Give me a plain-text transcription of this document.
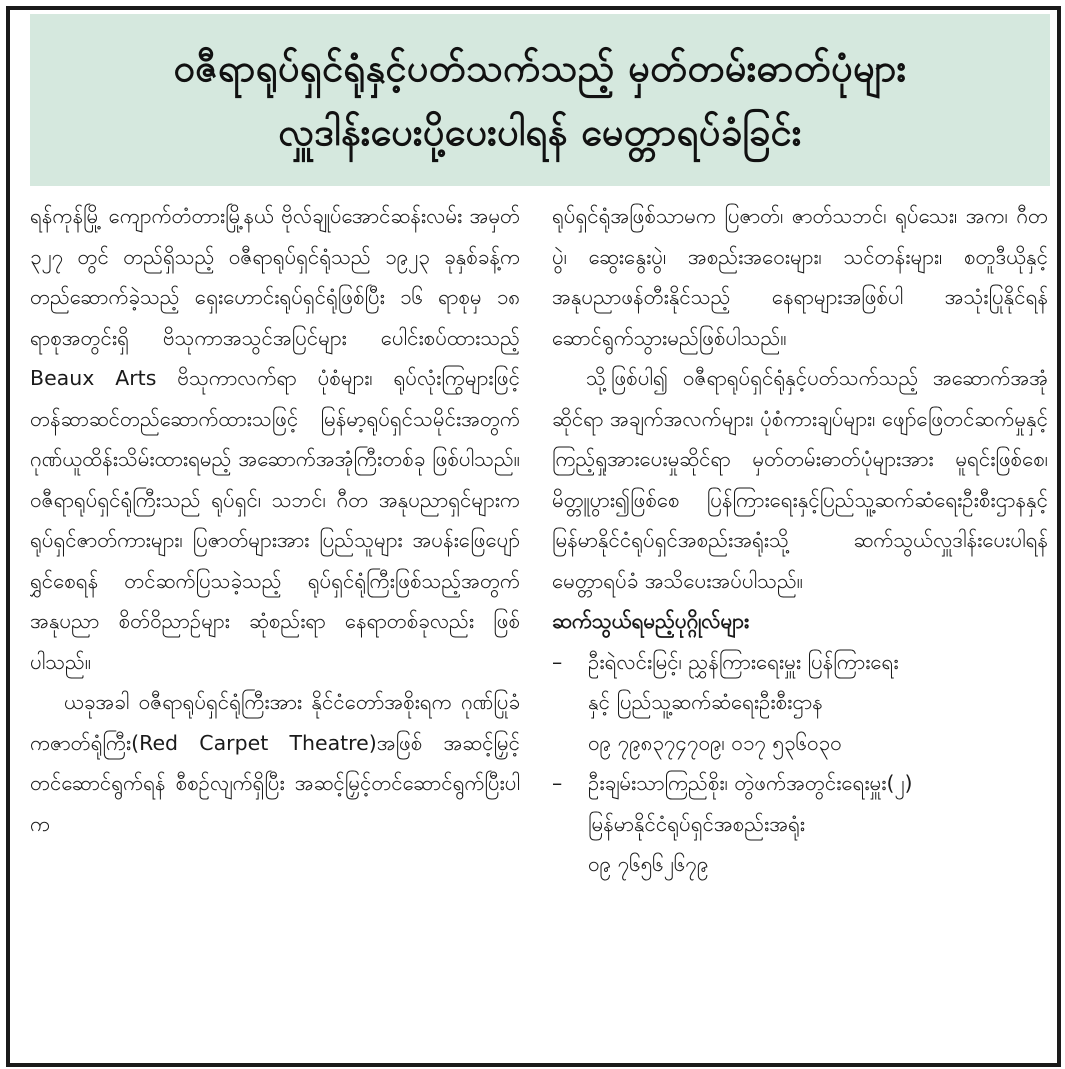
ဝဇီရာရုပ်ရှင်ရုံနှင့်ပတ်သက်သည့် မှတ်တမ်းဓာတ်ပုံများ
လှူဒါန်းပေးပို့ပေးပါရန် မေတ္တာရပ်ခံခြင်း

ရန်ကုန်မြို့ ကျောက်တံတားမြို့နယ် ဗိုလ်ချုပ်အောင်ဆန်းလမ်း အမှတ် ၃၂၇ တွင် တည်ရှိသည့် ဝဇီရာရုပ်ရှင်ရုံသည် ၁၉၂၃ ခုနှစ်ခန့်က တည်ဆောက်ခဲ့သည့် ရှေးဟောင်းရုပ်ရှင်ရုံဖြစ်ပြီး ၁၆ ရာစုမှ ၁၈ ရာစုအတွင်းရှိ ဗိသုကာအသွင်အပြင်များ ပေါင်းစပ်ထားသည့် Beaux Arts ဗိသုကာလက်ရာ ပုံစံများ၊ ရုပ်လုံးကြွများဖြင့် တန်ဆာဆင်တည်ဆောက်ထားသဖြင့် မြန်မာ့ရုပ်ရှင်သမိုင်းအတွက် ဂုဏ်ယူထိန်းသိမ်းထားရမည့် အဆောက်အအုံကြီးတစ်ခု ဖြစ်ပါသည်။ ဝဇီရာရုပ်ရှင်ရုံကြီးသည် ရုပ်ရှင်၊ သဘင်၊ ဂီတ အနုပညာရှင်များက ရုပ်ရှင်ဇာတ်ကားများ၊ ပြဇာတ်များအား ပြည်သူများ အပန်းဖြေပျော်ရွှင်စေရန် တင်ဆက်ပြသခဲ့သည့် ရုပ်ရှင်ရုံကြီးဖြစ်သည့်အတွက် အနုပညာ စိတ်ဝိညာဉ်များ ဆုံစည်းရာ နေရာတစ်ခုလည်း ဖြစ်ပါသည်။

ယခုအခါ ဝဇီရာရုပ်ရှင်ရုံကြီးအား နိုင်ငံတော်အစိုးရက ဂုဏ်ပြုခံ ကဇာတ်ရုံကြီး(Red Carpet Theatre)အဖြစ် အဆင့်မြှင့်တင်ဆောင်ရွက်ရန် စီစဉ်လျက်ရှိပြီး အဆင့်မြှင့်တင်ဆောင်ရွက်ပြီးပါက

ရုပ်ရှင်ရုံအဖြစ်သာမက ပြဇာတ်၊ ဇာတ်သဘင်၊ ရုပ်သေး၊ အက၊ ဂီတပွဲ၊ ဆွေးနွေးပွဲ၊ အစည်းအဝေးများ၊ သင်တန်းများ၊ စတူဒီယိုနှင့် အနုပညာဖန်တီးနိုင်သည့် နေရာများအဖြစ်ပါ အသုံးပြုနိုင်ရန် ဆောင်ရွက်သွားမည်ဖြစ်ပါသည်။

သို့ဖြစ်ပါ၍ ဝဇီရာရုပ်ရှင်ရုံနှင့်ပတ်သက်သည့် အဆောက်အအုံဆိုင်ရာ အချက်အလက်များ၊ ပုံစံကားချပ်များ၊ ဖျော်ဖြေတင်ဆက်မှုနှင့် ကြည့်ရှုအားပေးမှုဆိုင်ရာ မှတ်တမ်းဓာတ်ပုံများအား မူရင်းဖြစ်စေ၊ မိတ္တူပွား၍ဖြစ်စေ ပြန်ကြားရေးနှင့်ပြည်သူ့ဆက်ဆံရေးဦးစီးဌာနနှင့် မြန်မာနိုင်ငံရုပ်ရှင်အစည်းအရုံးသို့ ဆက်သွယ်လှူဒါန်းပေးပါရန် မေတ္တာရပ်ခံ အသိပေးအပ်ပါသည်။

ဆက်သွယ်ရမည့်ပုဂ္ဂိုလ်များ

–	ဦးရဲလင်းမြင့်၊ ညွှန်ကြားရေးမှူး ပြန်ကြားရေး
နှင့် ပြည်သူ့ဆက်ဆံရေးဦးစီးဌာန
၀၉ ၇၉၈၃၇၄၇၀၉၊ ၀၁၇ ၅၃၆၀၃၀
–	ဦးချမ်းသာကြည်စိုး၊ တွဲဖက်အတွင်းရေးမှူး(၂)
မြန်မာနိုင်ငံရုပ်ရှင်အစည်းအရုံး
၀၉ ၇၆၅၆၂၆၇၉
